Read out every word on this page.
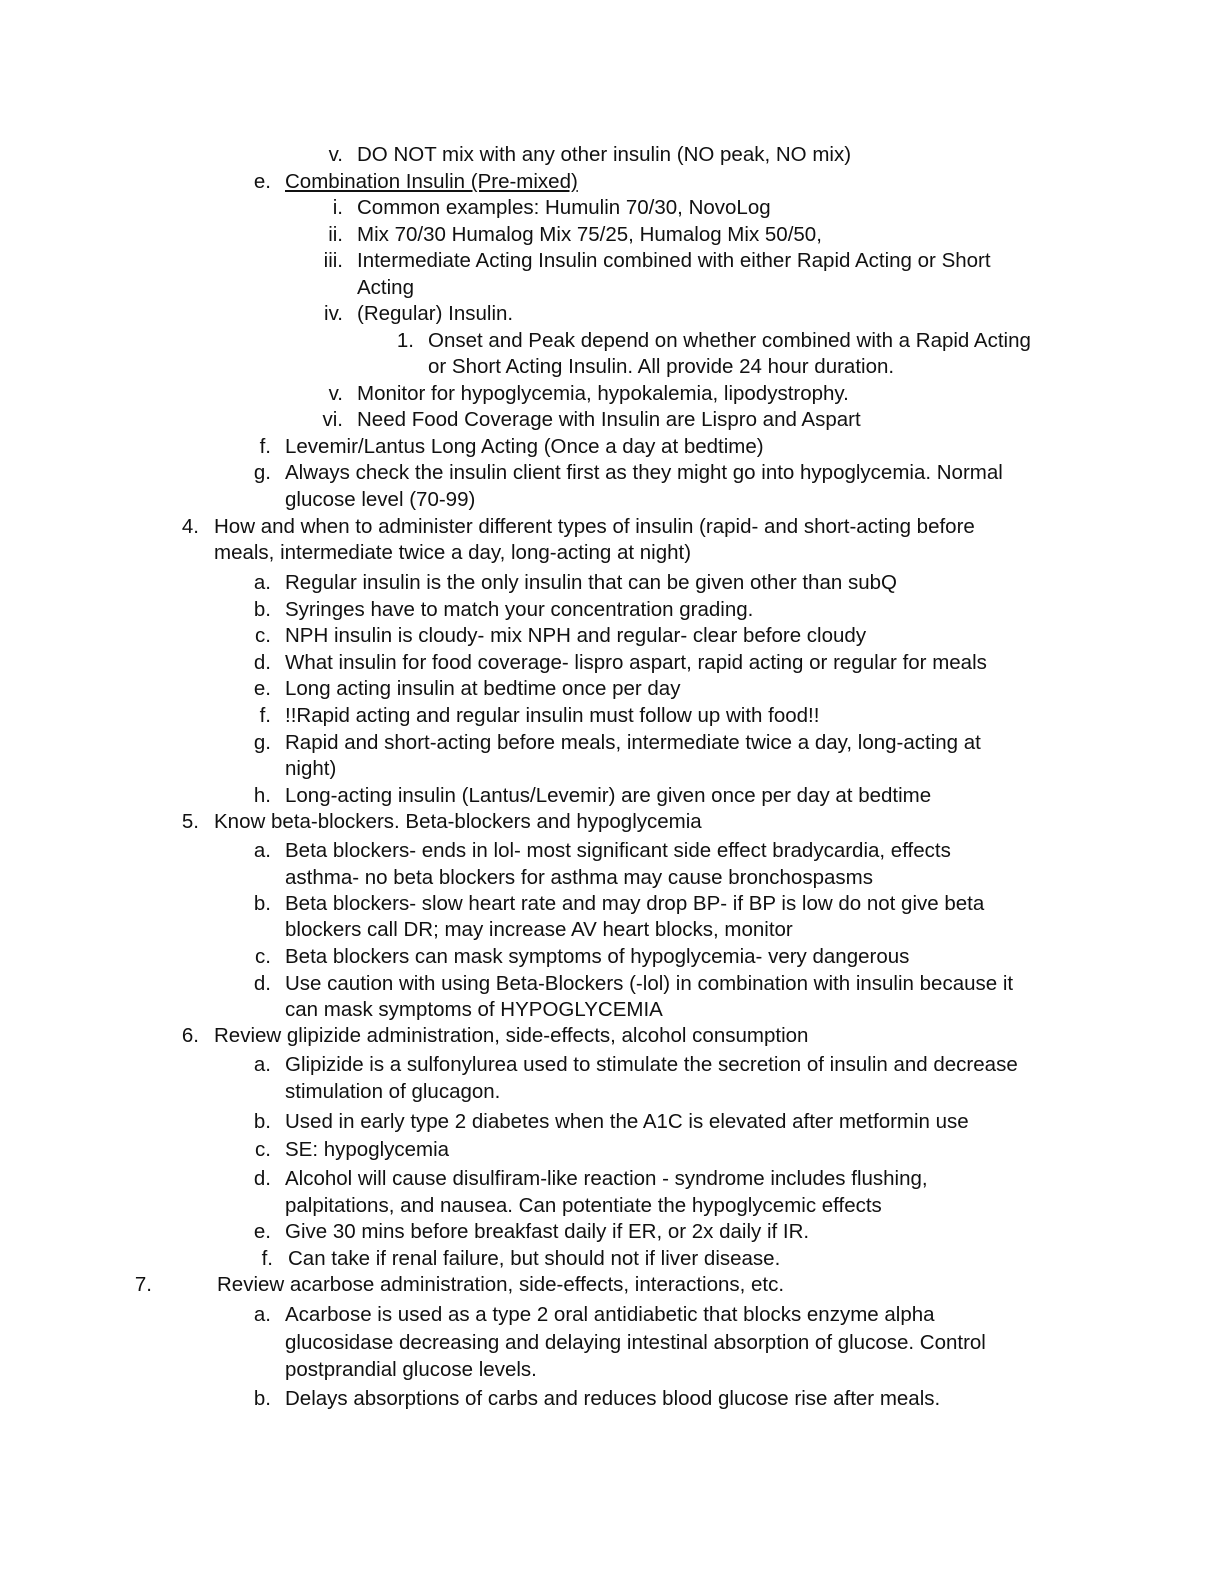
v. DO NOT mix with any other insulin (NO peak, NO mix)
e. Combination Insulin (Pre-mixed)
i. Common examples: Humulin 70/30, NovoLog
ii. Mix 70/30 Humalog Mix 75/25, Humalog Mix 50/50,
iii. Intermediate Acting Insulin combined with either Rapid Acting or Short
Acting
iv. (Regular) Insulin.
1. Onset and Peak depend on whether combined with a Rapid Acting
or Short Acting Insulin. All provide 24 hour duration.
v. Monitor for hypoglycemia, hypokalemia, lipodystrophy.
vi. Need Food Coverage with Insulin are Lispro and Aspart
f. Levemir/Lantus Long Acting (Once a day at bedtime)
g. Always check the insulin client first as they might go into hypoglycemia. Normal
glucose level (70-99)
4. How and when to administer different types of insulin (rapid- and short-acting before
meals, intermediate twice a day, long-acting at night)
a. Regular insulin is the only insulin that can be given other than subQ
b. Syringes have to match your concentration grading.
c. NPH insulin is cloudy- mix NPH and regular- clear before cloudy
d. What insulin for food coverage- lispro aspart, rapid acting or regular for meals
e. Long acting insulin at bedtime once per day
f. !!Rapid acting and regular insulin must follow up with food!!
g. Rapid and short-acting before meals, intermediate twice a day, long-acting at
night)
h. Long-acting insulin (Lantus/Levemir) are given once per day at bedtime
5. Know beta-blockers. Beta-blockers and hypoglycemia
a. Beta blockers- ends in lol- most significant side effect bradycardia, effects
asthma- no beta blockers for asthma may cause bronchospasms
b. Beta blockers- slow heart rate and may drop BP- if BP is low do not give beta
blockers call DR; may increase AV heart blocks, monitor
c. Beta blockers can mask symptoms of hypoglycemia- very dangerous
d. Use caution with using Beta-Blockers (-lol) in combination with insulin because it
can mask symptoms of HYPOGLYCEMIA
6. Review glipizide administration, side-effects, alcohol consumption
a. Glipizide is a sulfonylurea used to stimulate the secretion of insulin and decrease
stimulation of glucagon.
b. Used in early type 2 diabetes when the A1C is elevated after metformin use
c. SE: hypoglycemia
d. Alcohol will cause disulfiram-like reaction - syndrome includes flushing,
palpitations, and nausea. Can potentiate the hypoglycemic effects
e. Give 30 mins before breakfast daily if ER, or 2x daily if IR.
f. Can take if renal failure, but should not if liver disease.
7.	Review acarbose administration, side-effects, interactions, etc.
a. Acarbose is used as a type 2 oral antidiabetic that blocks enzyme alpha
glucosidase decreasing and delaying intestinal absorption of glucose. Control
postprandial glucose levels.
b. Delays absorptions of carbs and reduces blood glucose rise after meals.
